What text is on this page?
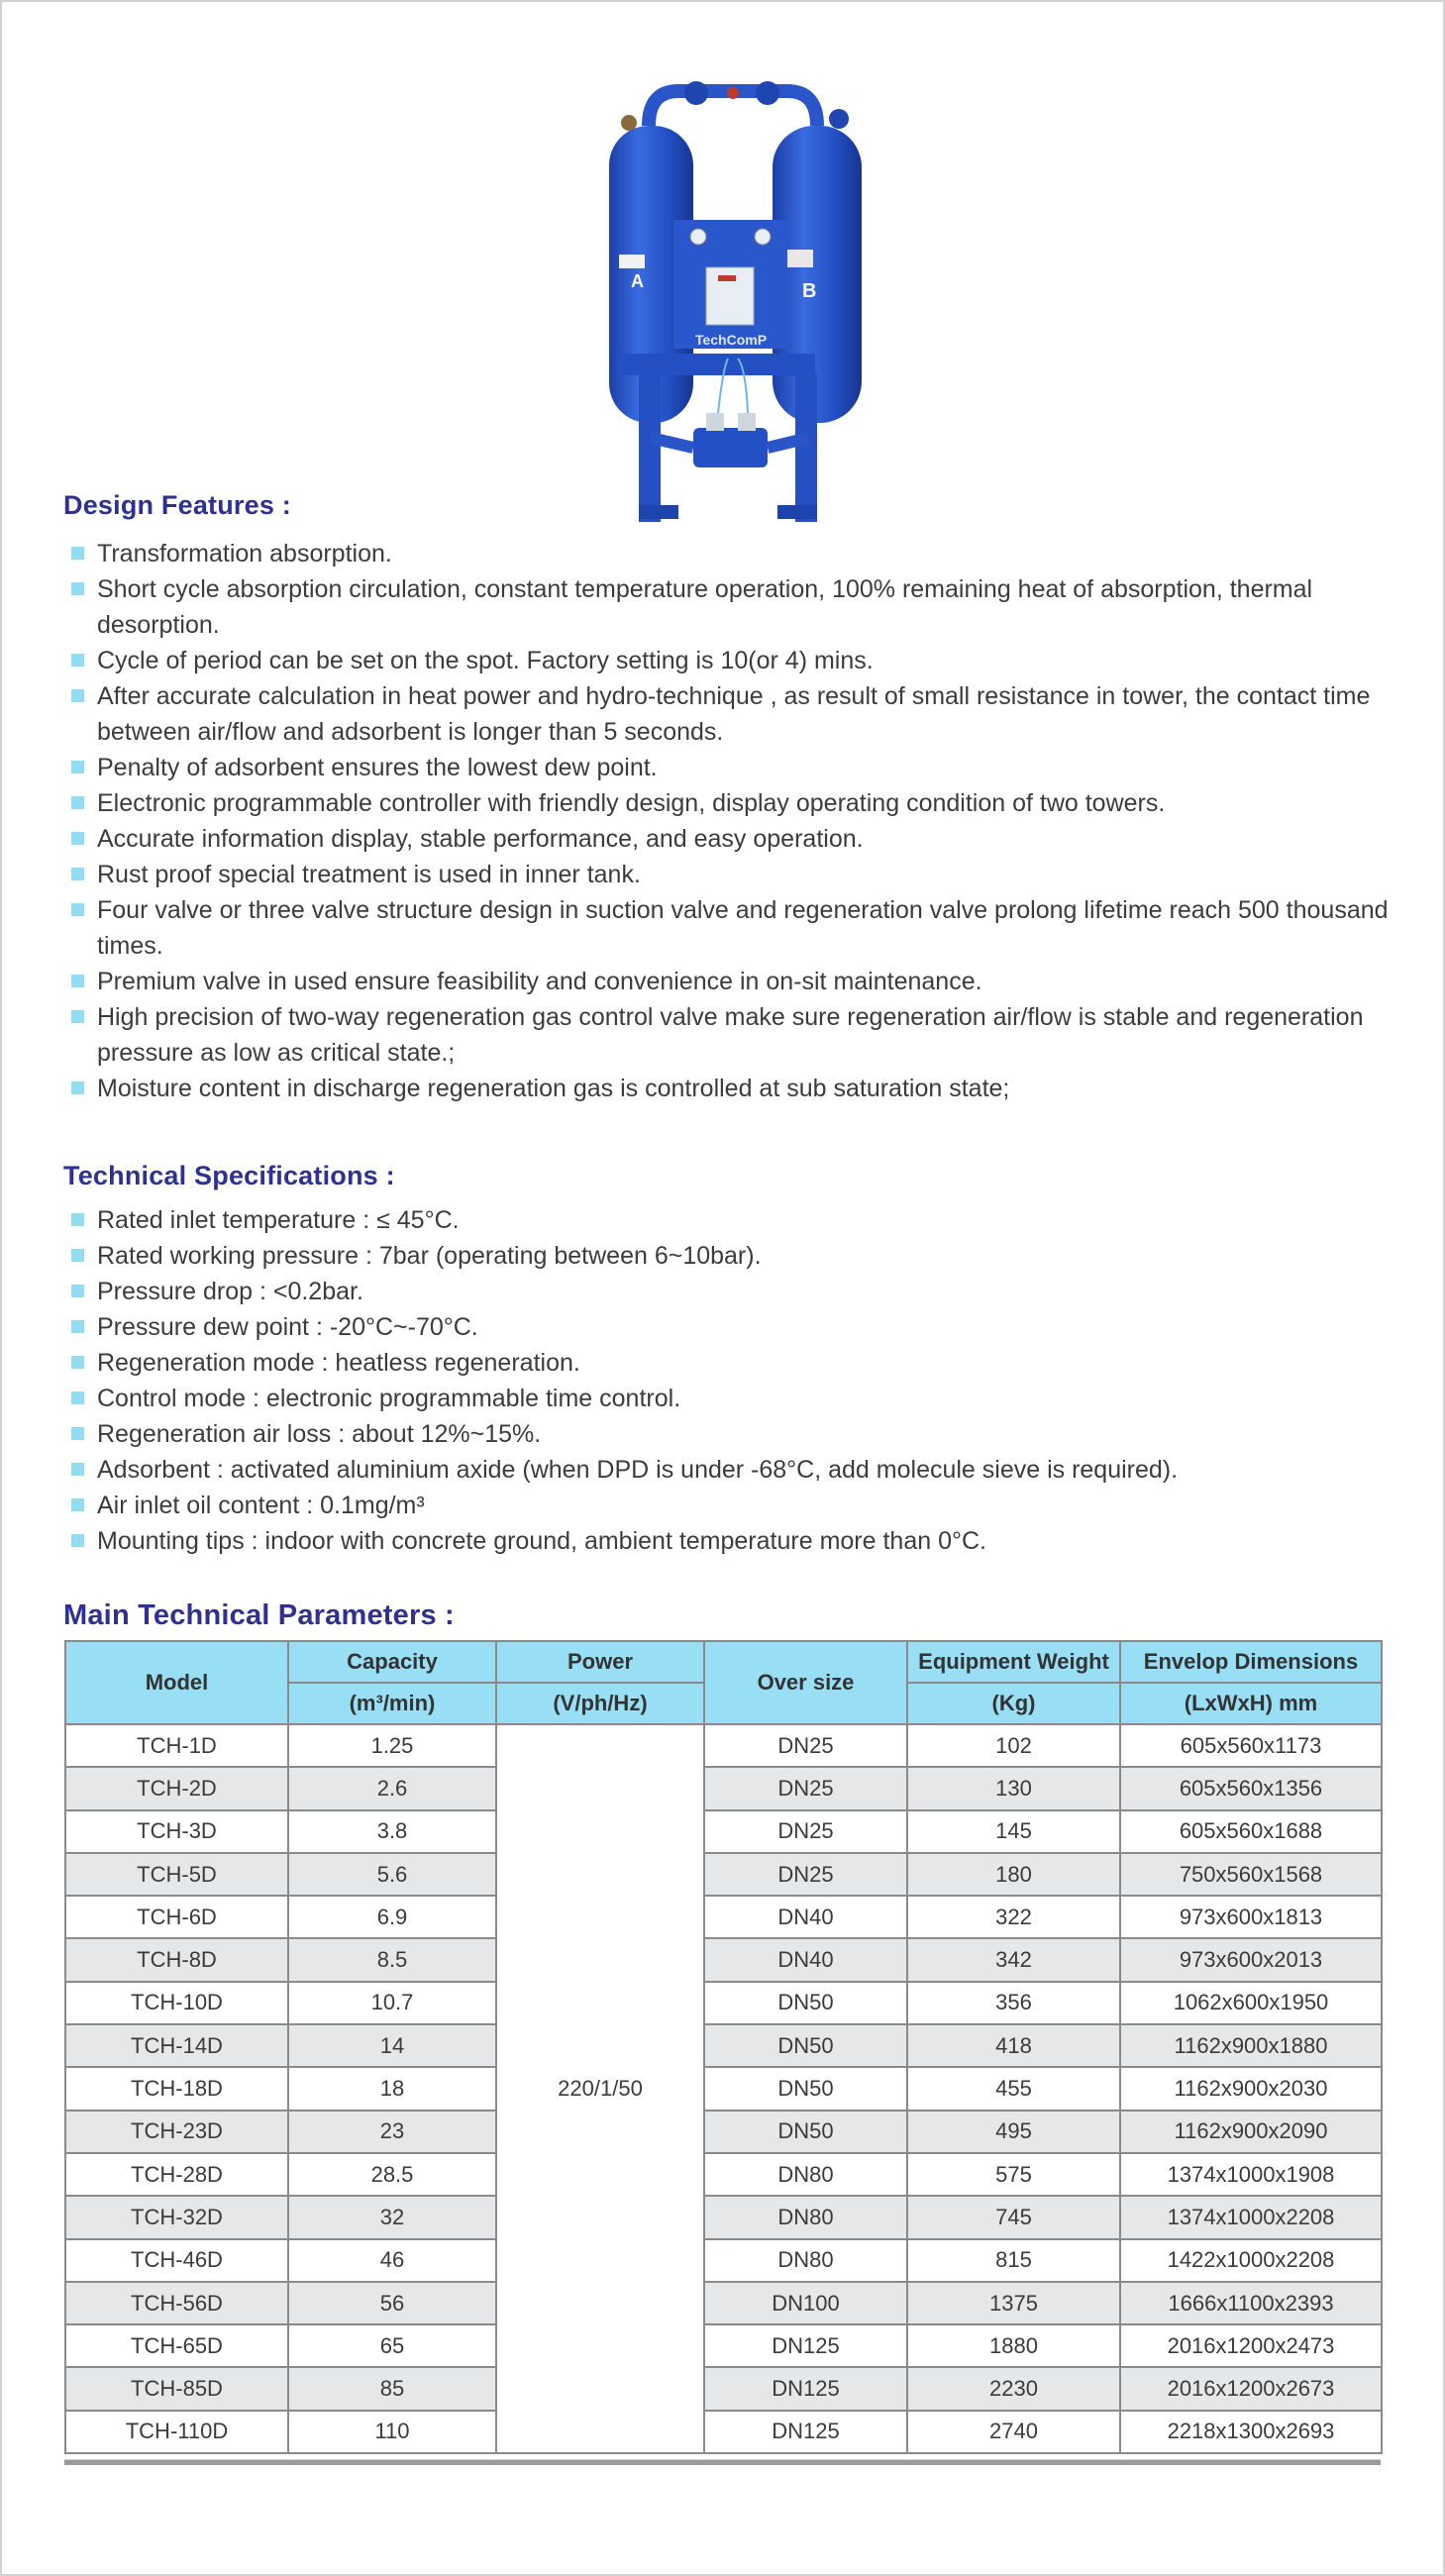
TechComP
A	B
Design Features :
Transformation absorption.
Short cycle absorption circulation, constant temperature operation, 100% remaining heat of absorption, thermal desorption.
Cycle of period can be set on the spot. Factory setting is 10(or 4) mins.
After accurate calculation in heat power and hydro-technique , as result of small resistance in tower, the contact time between air/flow and adsorbent is longer than 5 seconds.
Penalty of adsorbent ensures the lowest dew point.
Electronic programmable controller with friendly design, display operating condition of two towers.
Accurate information display, stable performance, and easy operation.
Rust proof special treatment is used in inner tank.
Four valve or three valve structure design in suction valve and regeneration valve prolong lifetime reach 500 thousand times.
Premium valve in used ensure feasibility and convenience in on-sit maintenance.
High precision of two-way regeneration gas control valve make sure regeneration air/flow is stable and regeneration pressure as low as critical state.;
Moisture content in discharge regeneration gas is controlled at sub saturation state;
Technical Specifications :
Rated inlet temperature : ≤ 45°C.
Rated working pressure : 7bar (operating between 6~10bar).
Pressure drop : <0.2bar.
Pressure dew point : -20°C~-70°C.
Regeneration mode : heatless regeneration.
Control mode : electronic programmable time control.
Regeneration air loss : about 12%~15%.
Adsorbent : activated aluminium axide (when DPD is under -68°C, add molecule sieve is required).
Air inlet oil content : 0.1mg/m³
Mounting tips : indoor with concrete ground, ambient temperature more than 0°C.
Main Technical Parameters :
Model	Capacity	Power	Over size	Equipment Weight	Envelop Dimensions
	(m³/min)	(V/ph/Hz)		(Kg)	(LxWxH) mm
TCH-1D	1.25	220/1/50	DN25	102	605x560x1173
TCH-2D	2.6		DN25	130	605x560x1356
TCH-3D	3.8		DN25	145	605x560x1688
TCH-5D	5.6		DN25	180	750x560x1568
TCH-6D	6.9		DN40	322	973x600x1813
TCH-8D	8.5		DN40	342	973x600x2013
TCH-10D	10.7		DN50	356	1062x600x1950
TCH-14D	14		DN50	418	1162x900x1880
TCH-18D	18		DN50	455	1162x900x2030
TCH-23D	23		DN50	495	1162x900x2090
TCH-28D	28.5		DN80	575	1374x1000x1908
TCH-32D	32		DN80	745	1374x1000x2208
TCH-46D	46		DN80	815	1422x1000x2208
TCH-56D	56		DN100	1375	1666x1100x2393
TCH-65D	65		DN125	1880	2016x1200x2473
TCH-85D	85		DN125	2230	2016x1200x2673
TCH-110D	110		DN125	2740	2218x1300x2693
